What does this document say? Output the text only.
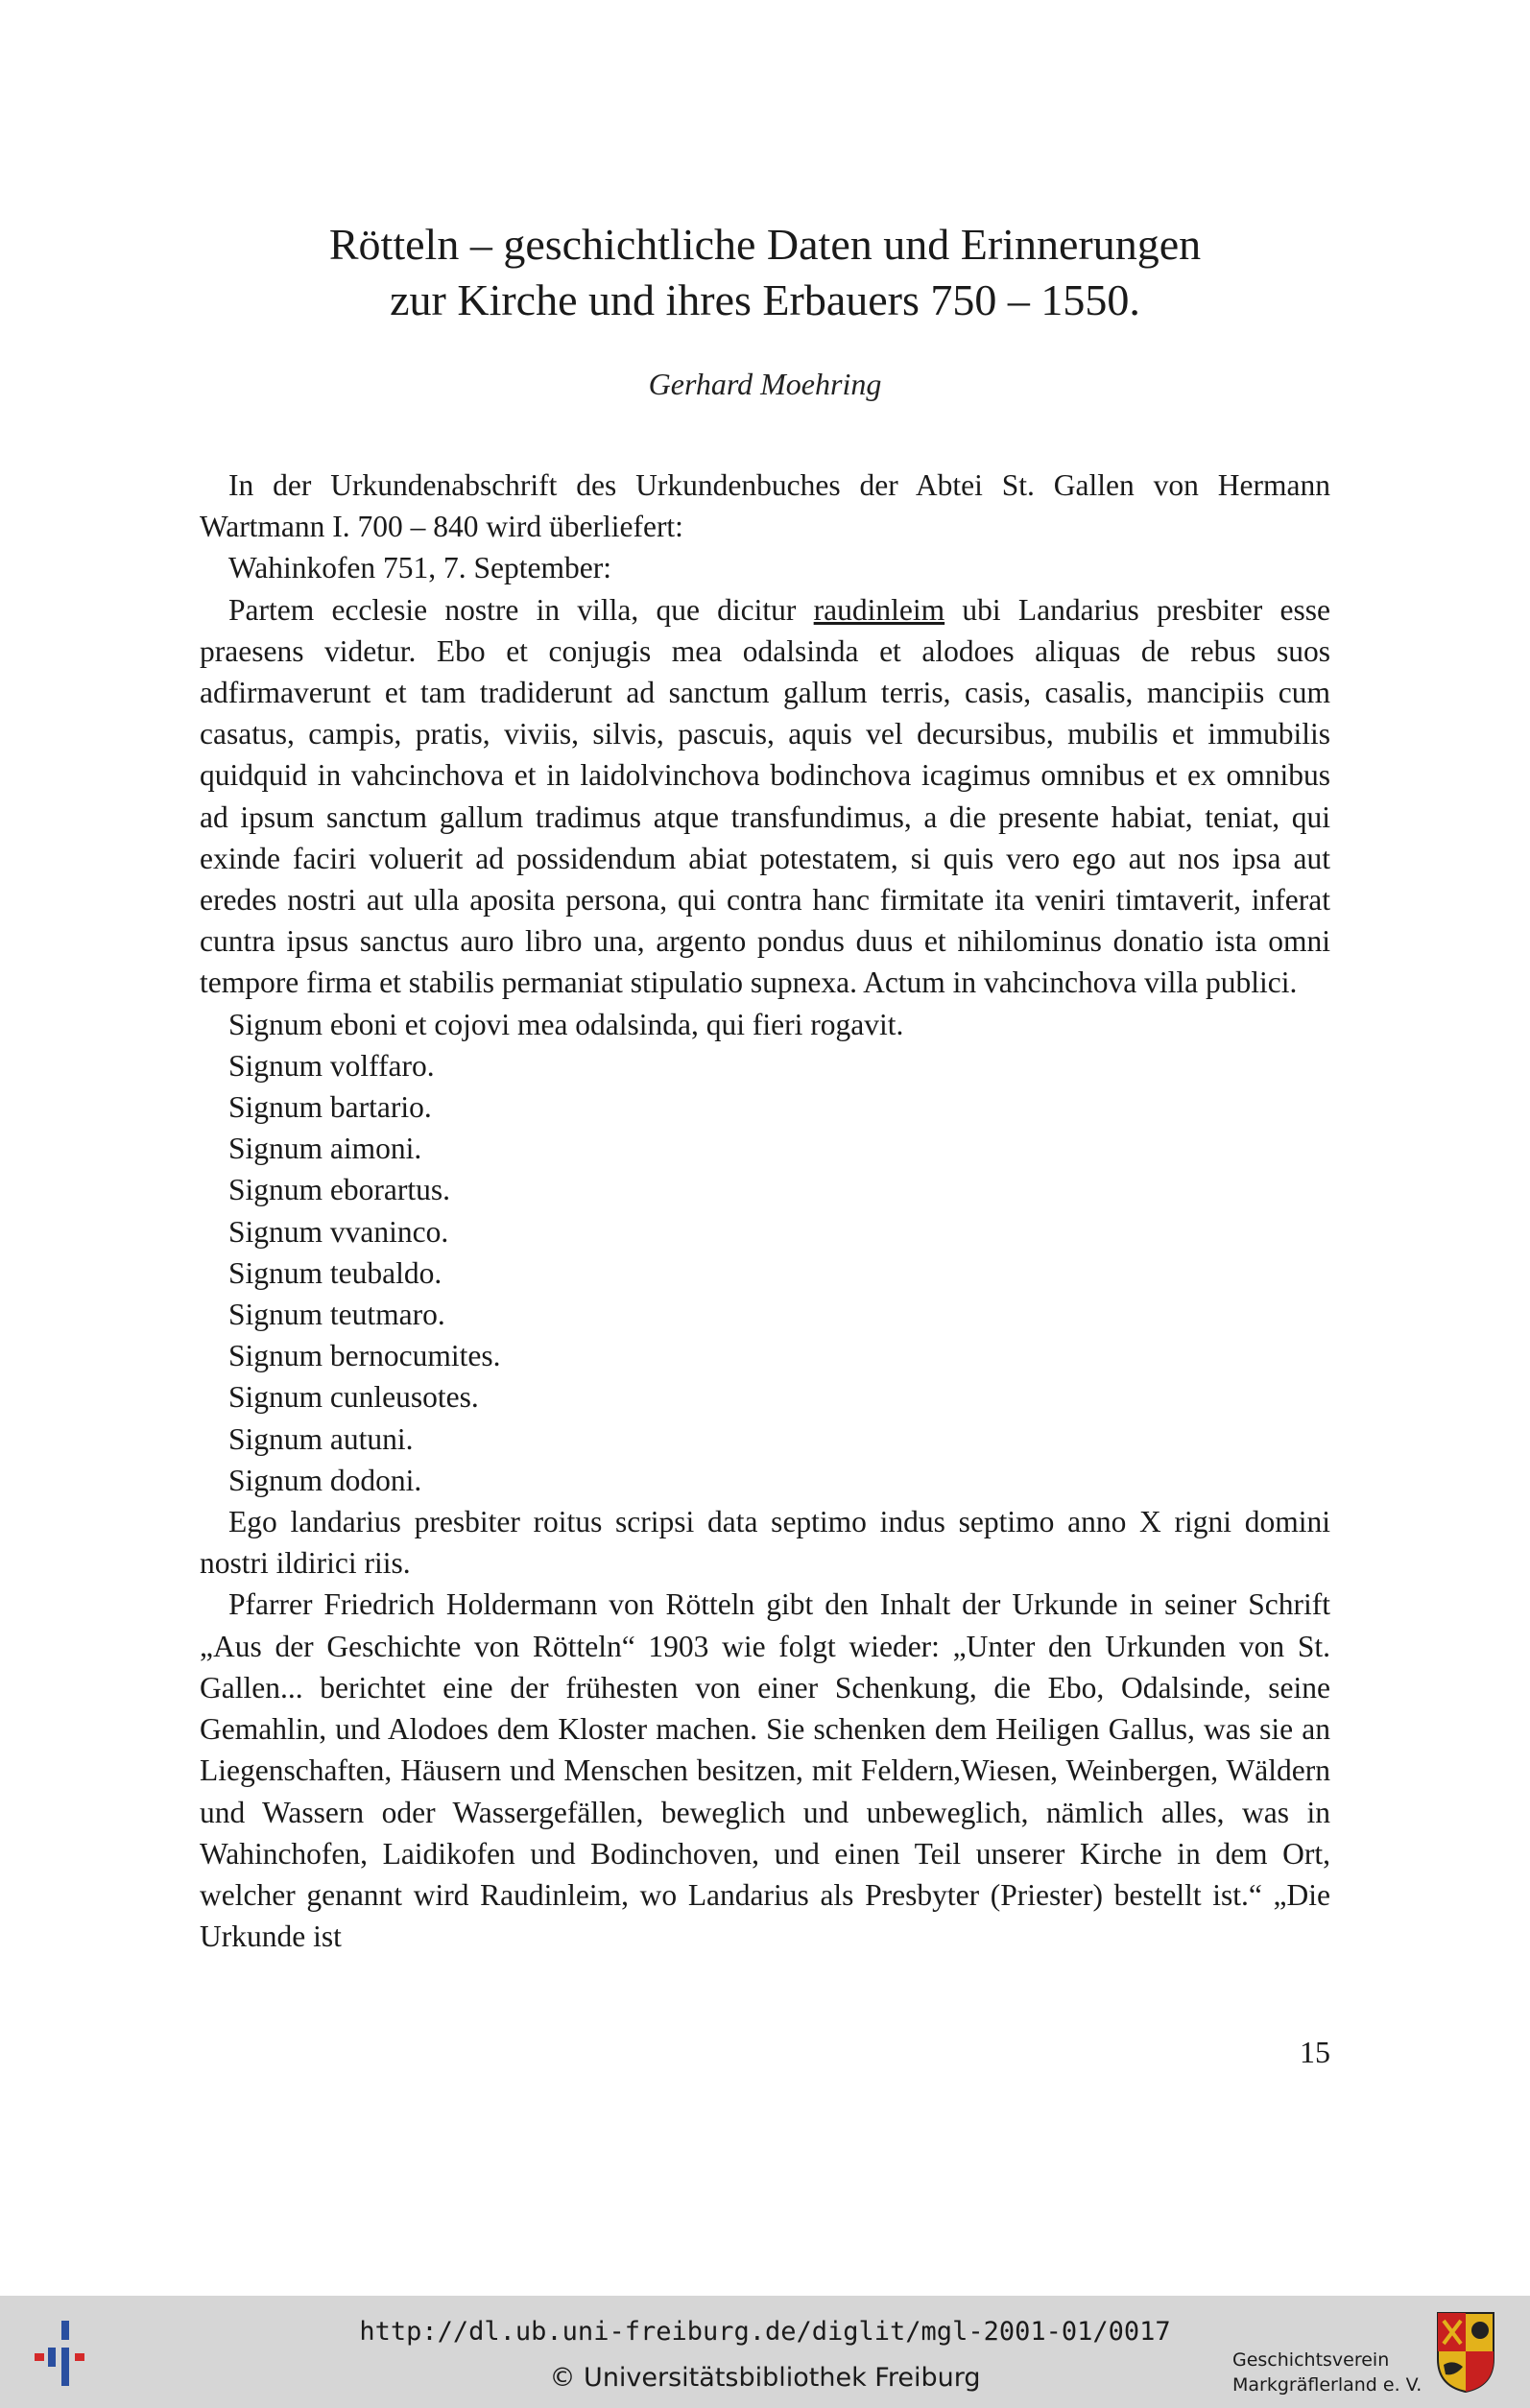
Rötteln – geschichtliche Daten und Erinnerungen
zur Kirche und ihres Erbauers 750 – 1550.
Gerhard Moehring

In der Urkundenabschrift des Urkundenbuches der Abtei St. Gallen von Hermann Wartmann I. 700 – 840 wird überliefert:

Wahinkofen 751, 7. September:

Partem ecclesie nostre in villa, que dicitur raudinleim ubi Landarius presbiter esse praesens videtur. Ebo et conjugis mea odalsinda et alodoes aliquas de rebus suos adfirmaverunt et tam tradiderunt ad sanctum gallum terris, casis, casalis, mancipiis cum casatus, campis, pratis, viviis, silvis, pascuis, aquis vel decursibus, mubilis et immubilis quidquid in vahcinchova et in laidolvinchova bodinchova icagimus omnibus et ex omnibus ad ipsum sanctum gallum tradimus atque transfundimus, a die presente habiat, teniat, qui exinde faciri voluerit ad possidendum abiat potestatem, si quis vero ego aut nos ipsa aut eredes nostri aut ulla aposita persona, qui contra hanc firmitate ita veniri timtaverit, inferat cuntra ipsus sanctus auro libro una, argento pondus duus et nihilominus donatio ista omni tempore firma et stabilis permaniat stipulatio supnexa. Actum in vahcinchova villa publici.

Signum eboni et cojovi mea odalsinda, qui fieri rogavit.

Signum volffaro.

Signum bartario.

Signum aimoni.

Signum eborartus.

Signum vvaninco.

Signum teubaldo.

Signum teutmaro.

Signum bernocumites.

Signum cunleusotes.

Signum autuni.

Signum dodoni.

Ego landarius presbiter roitus scripsi data septimo indus septimo anno X rigni domini nostri ildirici riis.

Pfarrer Friedrich Holdermann von Rötteln gibt den Inhalt der Urkunde in seiner Schrift „Aus der Geschichte von Rötteln“ 1903 wie folgt wieder: „Unter den Urkunden von St. Gallen... berichtet eine der frühesten von einer Schenkung, die Ebo, Odalsinde, seine Gemahlin, und Alodoes dem Kloster machen. Sie schenken dem Heiligen Gallus, was sie an Liegenschaften, Häusern und Menschen besitzen, mit Feldern,Wiesen, Weinbergen, Wäldern und Wassern oder Wassergefällen, beweglich und unbeweglich, nämlich alles, was in Wahinchofen, Laidikofen und Bodinchoven, und einen Teil unserer Kirche in dem Ort, welcher genannt wird Raudinleim, wo Landarius als Presbyter (Priester) bestellt ist.“ „Die Urkunde ist

15
http://dl.ub.uni-freiburg.de/diglit/mgl-2001-01/0017
© Universitätsbibliothek Freiburg
Geschichtsverein
Markgräflerland e. V.
